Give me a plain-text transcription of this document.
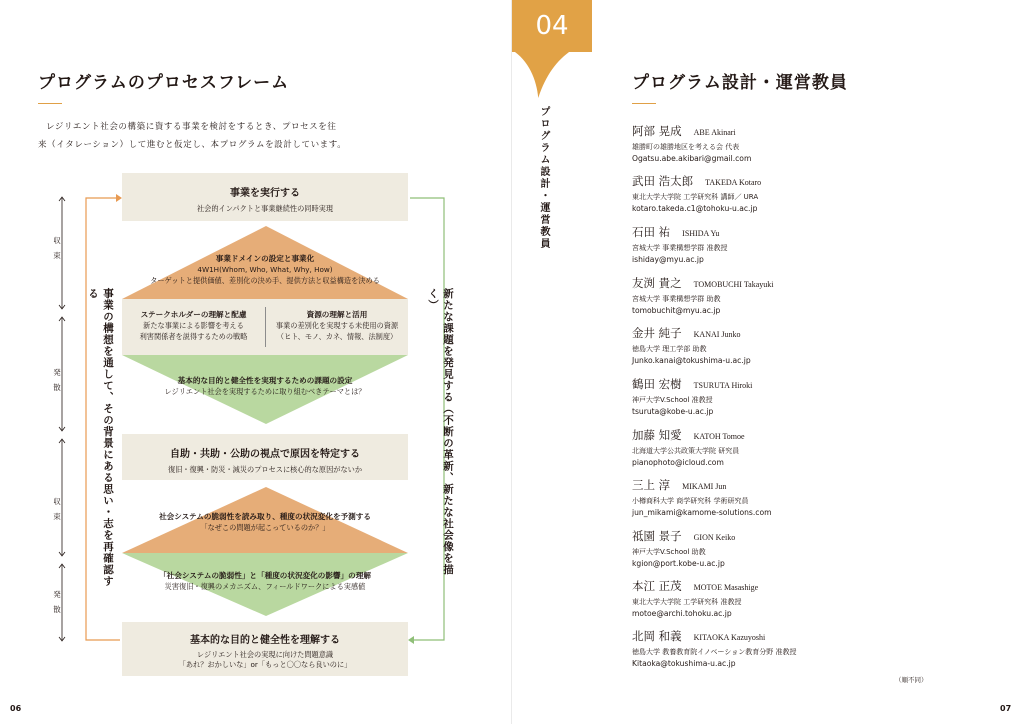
プログラムのプロセスフレーム
レジリエント社会の構築に資する事業を検討をするとき、プロセスを往
来（イタレーション）して進むと仮定し、本プログラムを設計しています。
収束
発散
収束
発散
事業の構想を通して、その背景にある思い・志を再確認する	新たな課題を発見する（不断の革新、新たな社会像を描く）
事業を実行する
社会的インパクトと事業継続性の同時実現
事業ドメインの設定と事業化
4W1H(Whom, Who, What, Why, How)
ターゲットと提供価値、差別化の決め手、提供方法と収益構造を決める
ステークホルダーの理解と配慮
新たな事業による影響を考える
利害関係者を説得するための戦略
資源の理解と活用
事業の差別化を実現する未使用の資源
（ヒト、モノ、カネ、情報、法制度）
基本的な目的と健全性を実現するための課題の設定
レジリエント社会を実現するために取り組むべきテーマとは？
自助・共助・公助の視点で原因を特定する
復旧・復興・防災・減災のプロセスに核心的な原因がないか
社会システムの脆弱性を読み取り、種度の状況変化を予測する
「なぜこの問題が起こっているのか？」
「社会システムの脆弱性」と「種度の状況変化の影響」の理解
災害復旧・復興のメカニズム、フィールドワークによる実感値
基本的な目的と健全性を理解する
レジリエント社会の実現に向けた問題意識
「あれ？おかしいな」or「もっと〇〇なら良いのに」
06
04
プログラム設計・運営教員
プログラム設計・運営教員
阿部 晃成 ABE Akinari
雄勝町の雄勝地区を考える会 代表
Ogatsu.abe.akibari@gmail.com
武田 浩太郎 TAKEDA Kotaro
東北大学大学院 工学研究科 講師／ URA
kotaro.takeda.c1@tohoku-u.ac.jp
石田 祐 ISHIDA Yu
宮城大学 事業構想学群 准教授
ishiday@myu.ac.jp
友渕 貴之 TOMOBUCHI Takayuki
宮城大学 事業構想学群 助教
tomobuchit@myu.ac.jp
金井 純子 KANAI Junko
徳島大学 理工学部 助教
Junko.kanai@tokushima-u.ac.jp
鶴田 宏樹 TSURUTA Hiroki
神戸大学V.School 准教授
tsuruta@kobe-u.ac.jp
加藤 知愛 KATOH Tomoe
北海道大学公共政策大学院 研究員
pianophoto@icloud.com
三上 淳 MIKAMI Jun
小樽商科大学 商学研究科 学術研究員
jun_mikami@kamome-solutions.com
祗園 景子 GION Keiko
神戸大学V.School 助教
kgion@port.kobe-u.ac.jp
本江 正茂 MOTOE Masashige
東北大学大学院 工学研究科 准教授
motoe@archi.tohoku.ac.jp
北岡 和義 KITAOKA Kazuyoshi
徳島大学 教養教育院イノベーション教育分野 准教授
Kitaoka@tokushima-u.ac.jp
（順不同）
07
